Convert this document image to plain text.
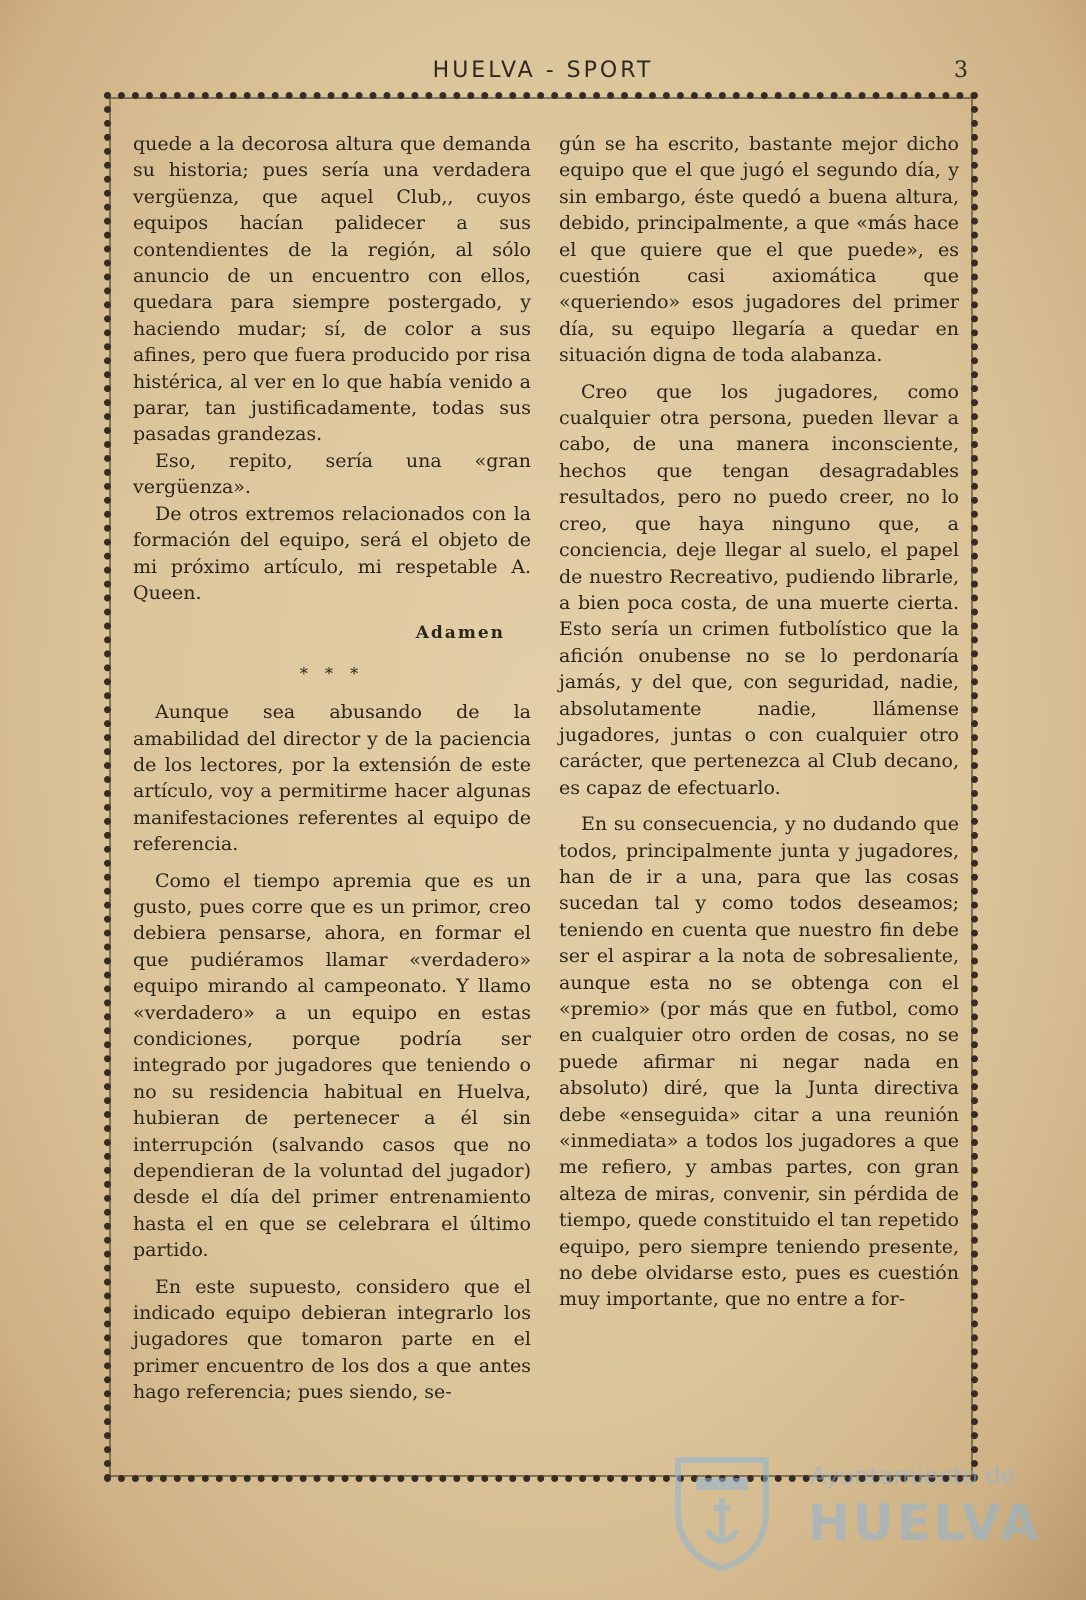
HUELVA - SPORT	3

quede a la decorosa altura que demanda su historia; pues sería una verdadera vergüenza, que aquel Club,, cuyos equipos hacían palidecer a sus contendientes de la región, al sólo anuncio de un encuentro con ellos, quedara para siempre postergado, y haciendo mudar; sí, de color a sus afines, pero que fuera producido por risa histérica, al ver en lo que había venido a parar, tan justificadamente, todas sus pasadas grandezas.

Eso, repito, sería una «gran vergüenza».

De otros extremos relacionados con la formación del equipo, será el objeto de mi próximo artículo, mi respetable A. Queen.

Adamen

* * *

Aunque sea abusando de la amabilidad del director y de la paciencia de los lectores, por la extensión de este artículo, voy a permitirme hacer algunas manifestaciones referentes al equipo de referencia.

Como el tiempo apremia que es un gusto, pues corre que es un primor, creo debiera pensarse, ahora, en formar el que pudiéramos llamar «verdadero» equipo mirando al campeonato. Y llamo «verdadero» a un equipo en estas condiciones, porque podría ser integrado por jugadores que teniendo o no su residencia habitual en Huelva, hubieran de pertenecer a él sin interrupción (salvando casos que no dependieran de la voluntad del jugador) desde el día del primer entrenamiento hasta el en que se celebrara el último partido.

En este supuesto, considero que el indicado equipo debieran integrarlo los jugadores que tomaron parte en el primer encuentro de los dos a que antes hago referencia; pues siendo, se-

gún se ha escrito, bastante mejor dicho equipo que el que jugó el segundo día, y sin embargo, éste quedó a buena altura, debido, principalmente, a que «más hace el que quiere que el que puede», es cuestión casi axiomática que «queriendo» esos jugadores del primer día, su equipo llegaría a quedar en situación digna de toda alabanza.

Creo que los jugadores, como cualquier otra persona, pueden llevar a cabo, de una manera inconsciente, hechos que tengan desagradables resultados, pero no puedo creer, no lo creo, que haya ninguno que, a conciencia, deje llegar al suelo, el papel de nuestro Recreativo, pudiendo librarle, a bien poca costa, de una muerte cierta. Esto sería un crimen futbolístico que la afición onubense no se lo perdonaría jamás, y del que, con seguridad, nadie, absolutamente nadie, llámense jugadores, juntas o con cualquier otro carácter, que pertenezca al Club decano, es capaz de efectuarlo.

En su consecuencia, y no dudando que todos, principalmente junta y jugadores, han de ir a una, para que las cosas sucedan tal y como todos deseamos; teniendo en cuenta que nuestro fin debe ser el aspirar a la nota de sobresaliente, aunque esta no se obtenga con el «premio» (por más que en futbol, como en cualquier otro orden de cosas, no se puede afirmar ni negar nada en absoluto) diré, que la Junta directiva debe «enseguida» citar a una reunión «inmediata» a todos los jugadores a que me refiero, y ambas partes, con gran alteza de miras, convenir, sin pérdida de tiempo, quede constituido el tan repetido equipo, pero siempre teniendo presente, no debe olvidarse esto, pues es cuestión muy importante, que no entre a for-

Ayuntamiento de
HUELVA
